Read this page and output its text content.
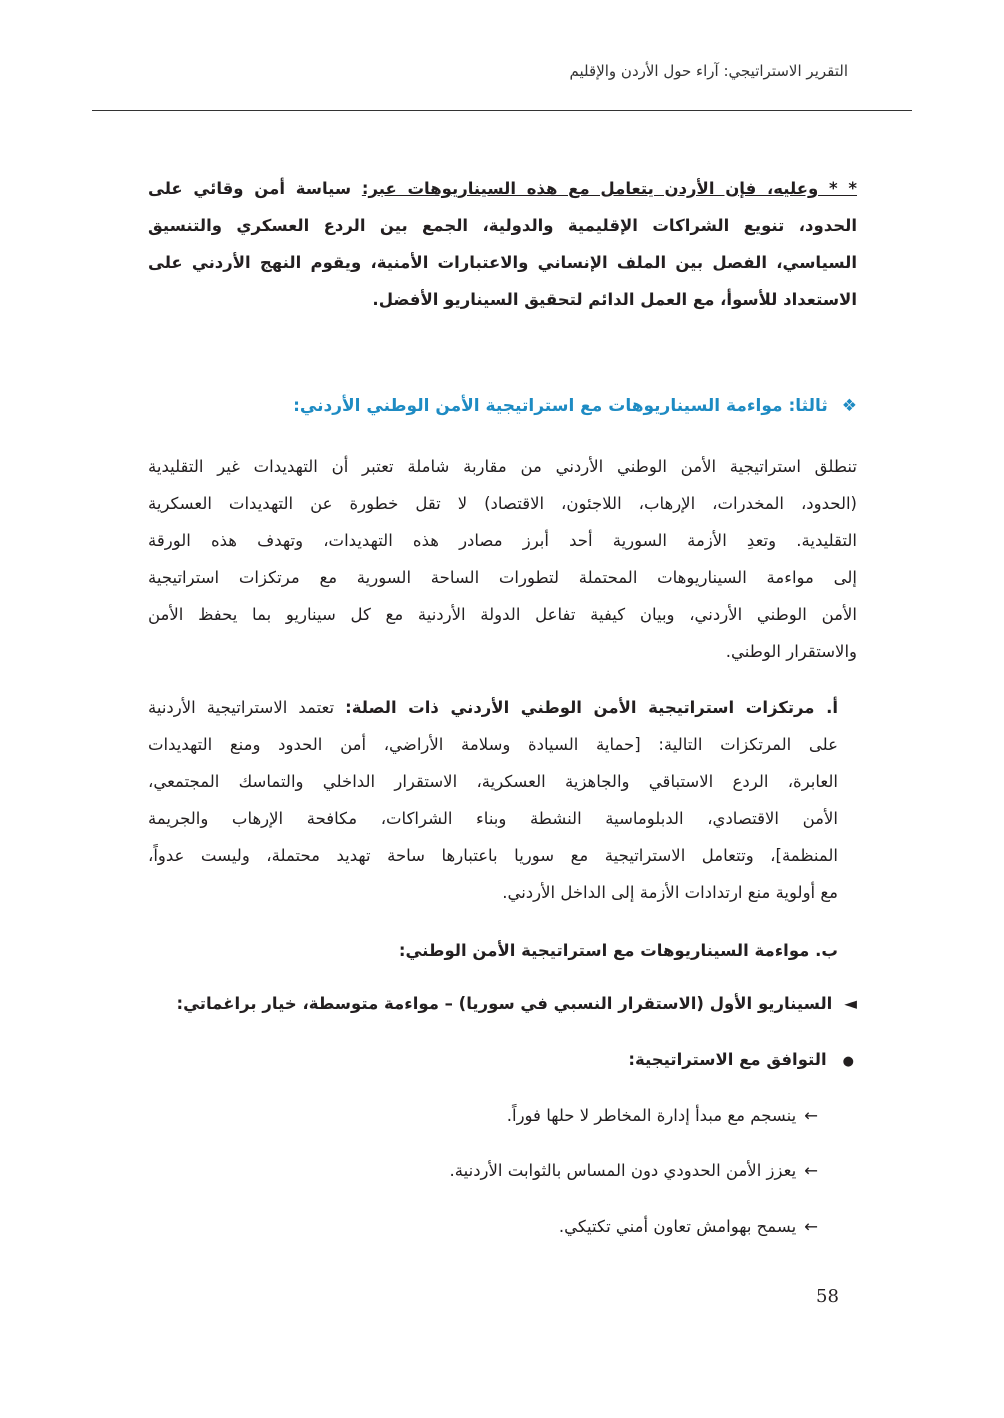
التقرير الاستراتيجي: آراء حول الأردن والإقليم
* * وعليه، فإن الأردن يتعامل مع هذه السيناريوهات عبر: سياسة أمن وقائي على
الحدود، تنويع الشراكات الإقليمية والدولية، الجمع بين الردع العسكري والتنسيق
السياسي، الفصل بين الملف الإنساني والاعتبارات الأمنية، ويقوم النهج الأردني على
الاستعداد للأسوأ، مع العمل الدائم لتحقيق السيناريو الأفضل.
❖ثالثا: مواءمة السيناريوهات مع استراتيجية الأمن الوطني الأردني:
تنطلق استراتيجية الأمن الوطني الأردني من مقاربة شاملة تعتبر أن التهديدات غير التقليدية
(الحدود، المخدرات، الإرهاب، اللاجئون، الاقتصاد) لا تقل خطورة عن التهديدات العسكرية
التقليدية. وتعدِ الأزمة السورية أحد أبرز مصادر هذه التهديدات، وتهدف هذه الورقة
إلى مواءمة السيناريوهات المحتملة لتطورات الساحة السورية مع مرتكزات استراتيجية
الأمن الوطني الأردني، وبيان كيفية تفاعل الدولة الأردنية مع كل سيناريو بما يحفظ الأمن
والاستقرار الوطني.
أ. مرتكزات استراتيجية الأمن الوطني الأردني ذات الصلة: تعتمد الاستراتيجية الأردنية
على المرتكزات التالية: [حماية السيادة وسلامة الأراضي، أمن الحدود ومنع التهديدات
العابرة، الردع الاستباقي والجاهزية العسكرية، الاستقرار الداخلي والتماسك المجتمعي،
الأمن الاقتصادي، الدبلوماسية النشطة وبناء الشراكات، مكافحة الإرهاب والجريمة
المنظمة]، وتتعامل الاستراتيجية مع سوريا باعتبارها ساحة تهديد محتملة، وليست عدواً،
مع أولوية منع ارتدادات الأزمة إلى الداخل الأردني.
ب. مواءمة السيناريوهات مع استراتيجية الأمن الوطني:
◄السيناريو الأول (الاستقرار النسبي في سوريا) – مواءمة متوسطة، خيار براغماتي:
●التوافق مع الاستراتيجية:
←ينسجم مع مبدأ إدارة المخاطر لا حلها فوراً.
←يعزز الأمن الحدودي دون المساس بالثوابت الأردنية.
←يسمح بهوامش تعاون أمني تكتيكي.
58
